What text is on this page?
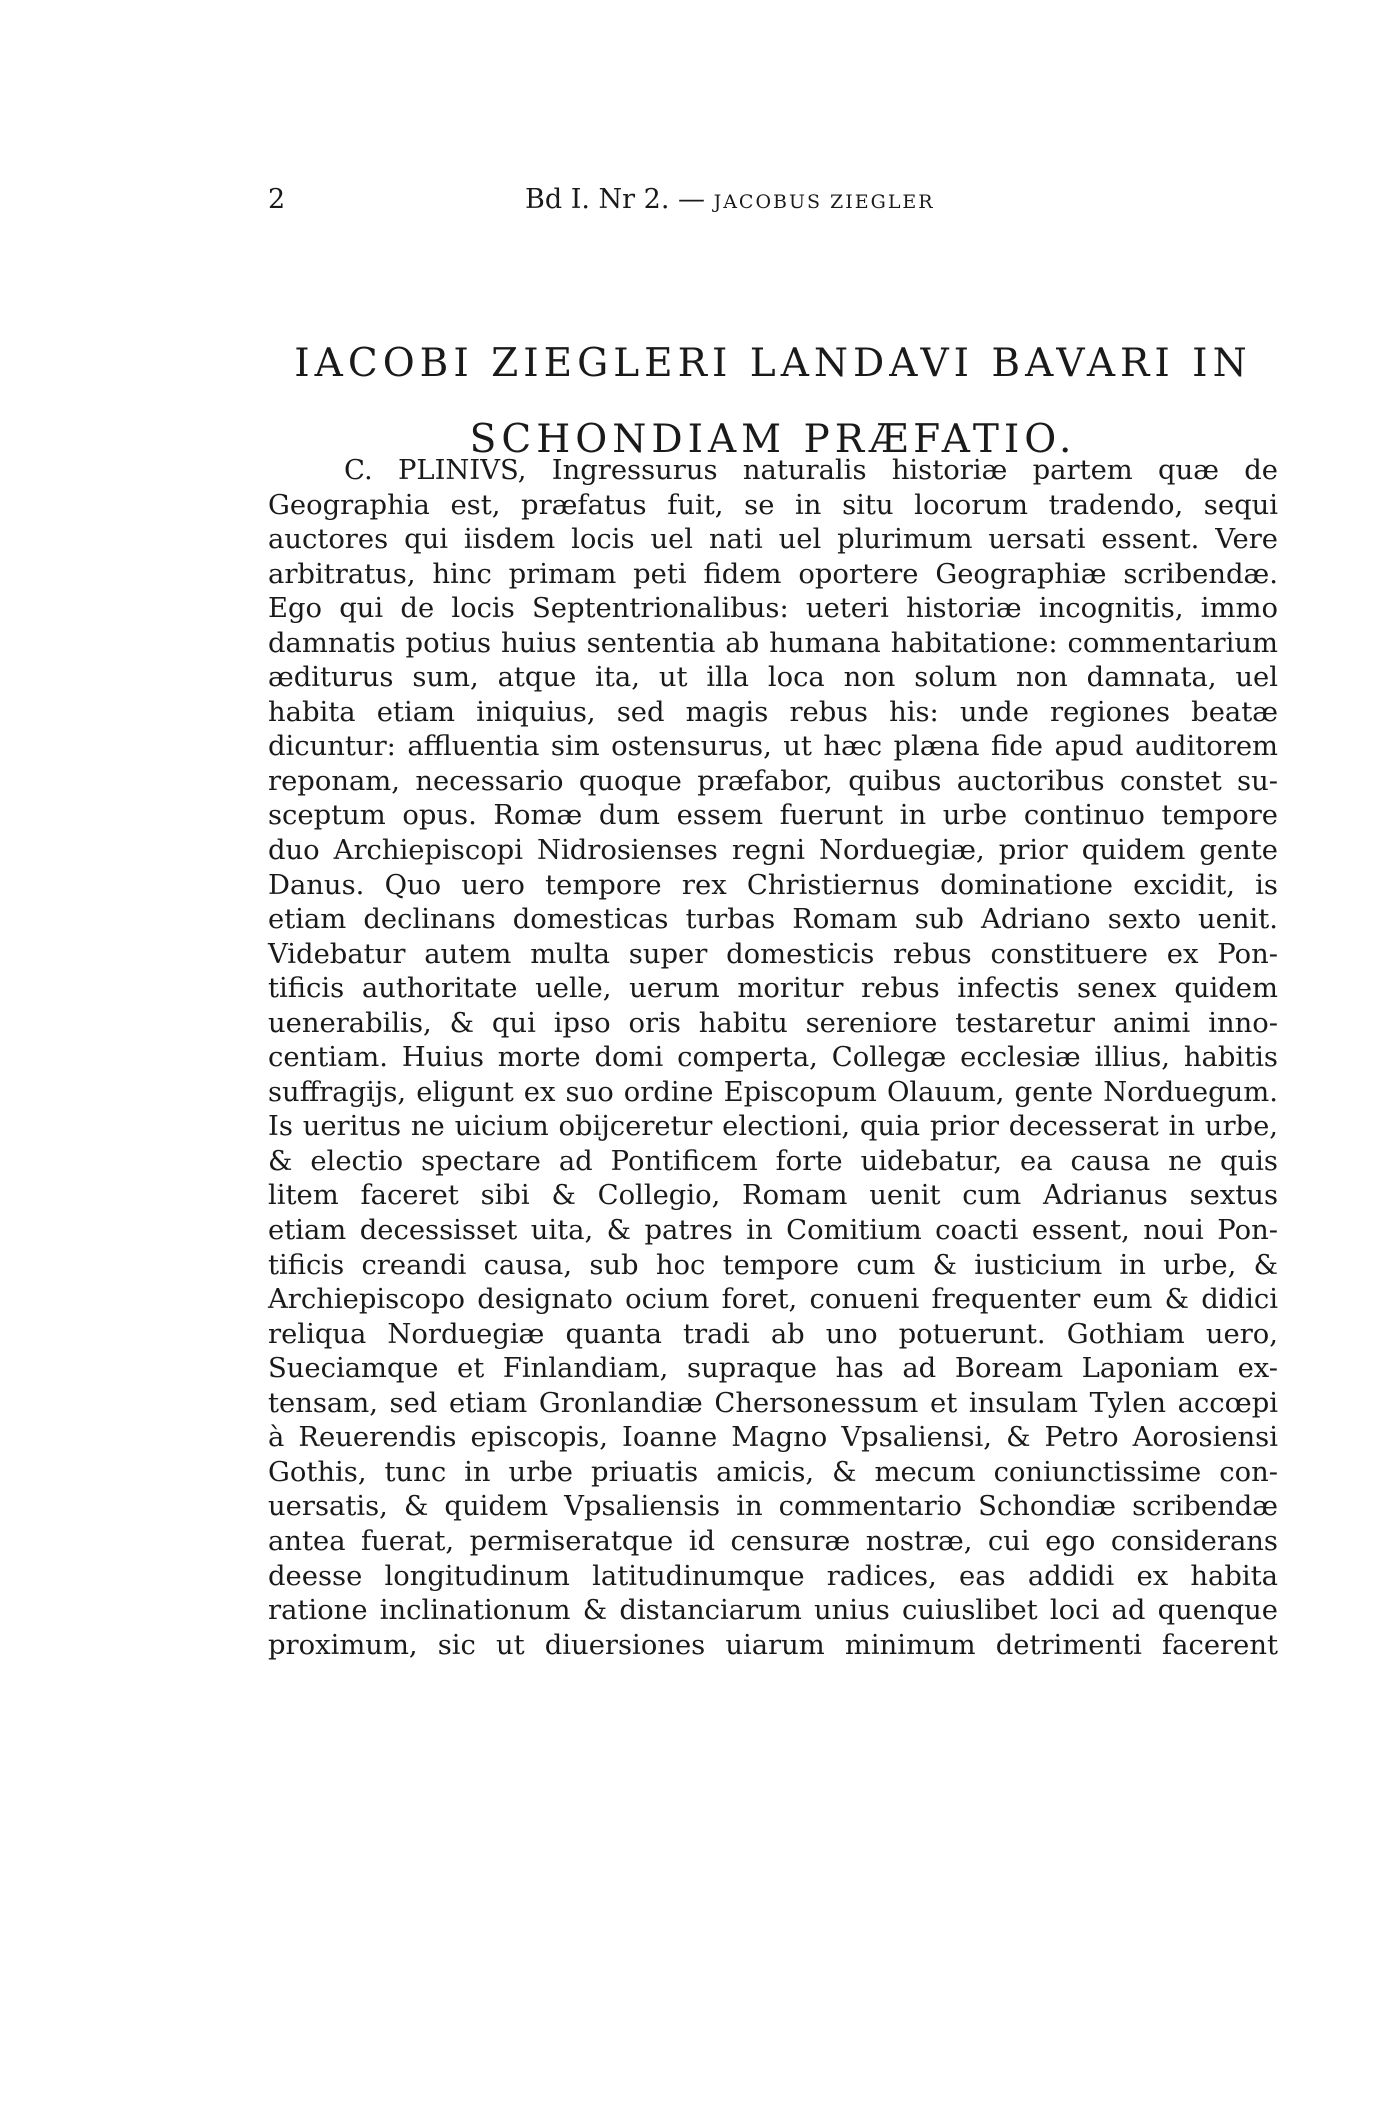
2	Bd I. Nr 2. — JACOBUS ZIEGLER
IACOBI ZIEGLERI LANDAVI BAVARI IN
SCHONDIAM PRÆFATIO.
C. PLINIVS, Ingressurus naturalis historiæ partem quæ de
Geographia est, præfatus fuit, se in situ locorum tradendo, sequi
auctores qui iisdem locis uel nati uel plurimum uersati essent. Vere
arbitratus, hinc primam peti fidem oportere Geographiæ scribendæ.
Ego qui de locis Septentrionalibus: ueteri historiæ incognitis, immo
damnatis potius huius sententia ab humana habitatione: commentarium
æditurus sum, atque ita, ut illa loca non solum non damnata, uel
habita etiam iniquius, sed magis rebus his: unde regiones beatæ
dicuntur: affluentia sim ostensurus, ut hæc plæna fide apud auditorem
reponam, necessario quoque præfabor, quibus auctoribus constet su-
sceptum opus. Romæ dum essem fuerunt in urbe continuo tempore
duo Archiepiscopi Nidrosienses regni Norduegiæ, prior quidem gente
Danus. Quo uero tempore rex Christiernus dominatione excidit, is
etiam declinans domesticas turbas Romam sub Adriano sexto uenit.
Videbatur autem multa super domesticis rebus constituere ex Pon-
tificis authoritate uelle, uerum moritur rebus infectis senex quidem
uenerabilis, & qui ipso oris habitu sereniore testaretur animi inno-
centiam. Huius morte domi comperta, Collegæ ecclesiæ illius, habitis
suffragijs, eligunt ex suo ordine Episcopum Olauum, gente Norduegum.
Is ueritus ne uicium obijceretur electioni, quia prior decesserat in urbe,
& electio spectare ad Pontificem forte uidebatur, ea causa ne quis
litem faceret sibi & Collegio, Romam uenit cum Adrianus sextus
etiam decessisset uita, & patres in Comitium coacti essent, noui Pon-
tificis creandi causa, sub hoc tempore cum & iusticium in urbe, &
Archiepiscopo designato ocium foret, conueni frequenter eum & didici
reliqua Norduegiæ quanta tradi ab uno potuerunt. Gothiam uero,
Sueciamque et Finlandiam, supraque has ad Boream Laponiam ex-
tensam, sed etiam Gronlandiæ Chersonessum et insulam Tylen accœpi
à Reuerendis episcopis, Ioanne Magno Vpsaliensi, & Petro Aorosiensi
Gothis, tunc in urbe priuatis amicis, & mecum coniunctissime con-
uersatis, & quidem Vpsaliensis in commentario Schondiæ scribendæ
antea fuerat, permiseratque id censuræ nostræ, cui ego considerans
deesse longitudinum latitudinumque radices, eas addidi ex habita
ratione inclinationum & distanciarum unius cuiuslibet loci ad quenque
proximum, sic ut diuersiones uiarum minimum detrimenti facerent
